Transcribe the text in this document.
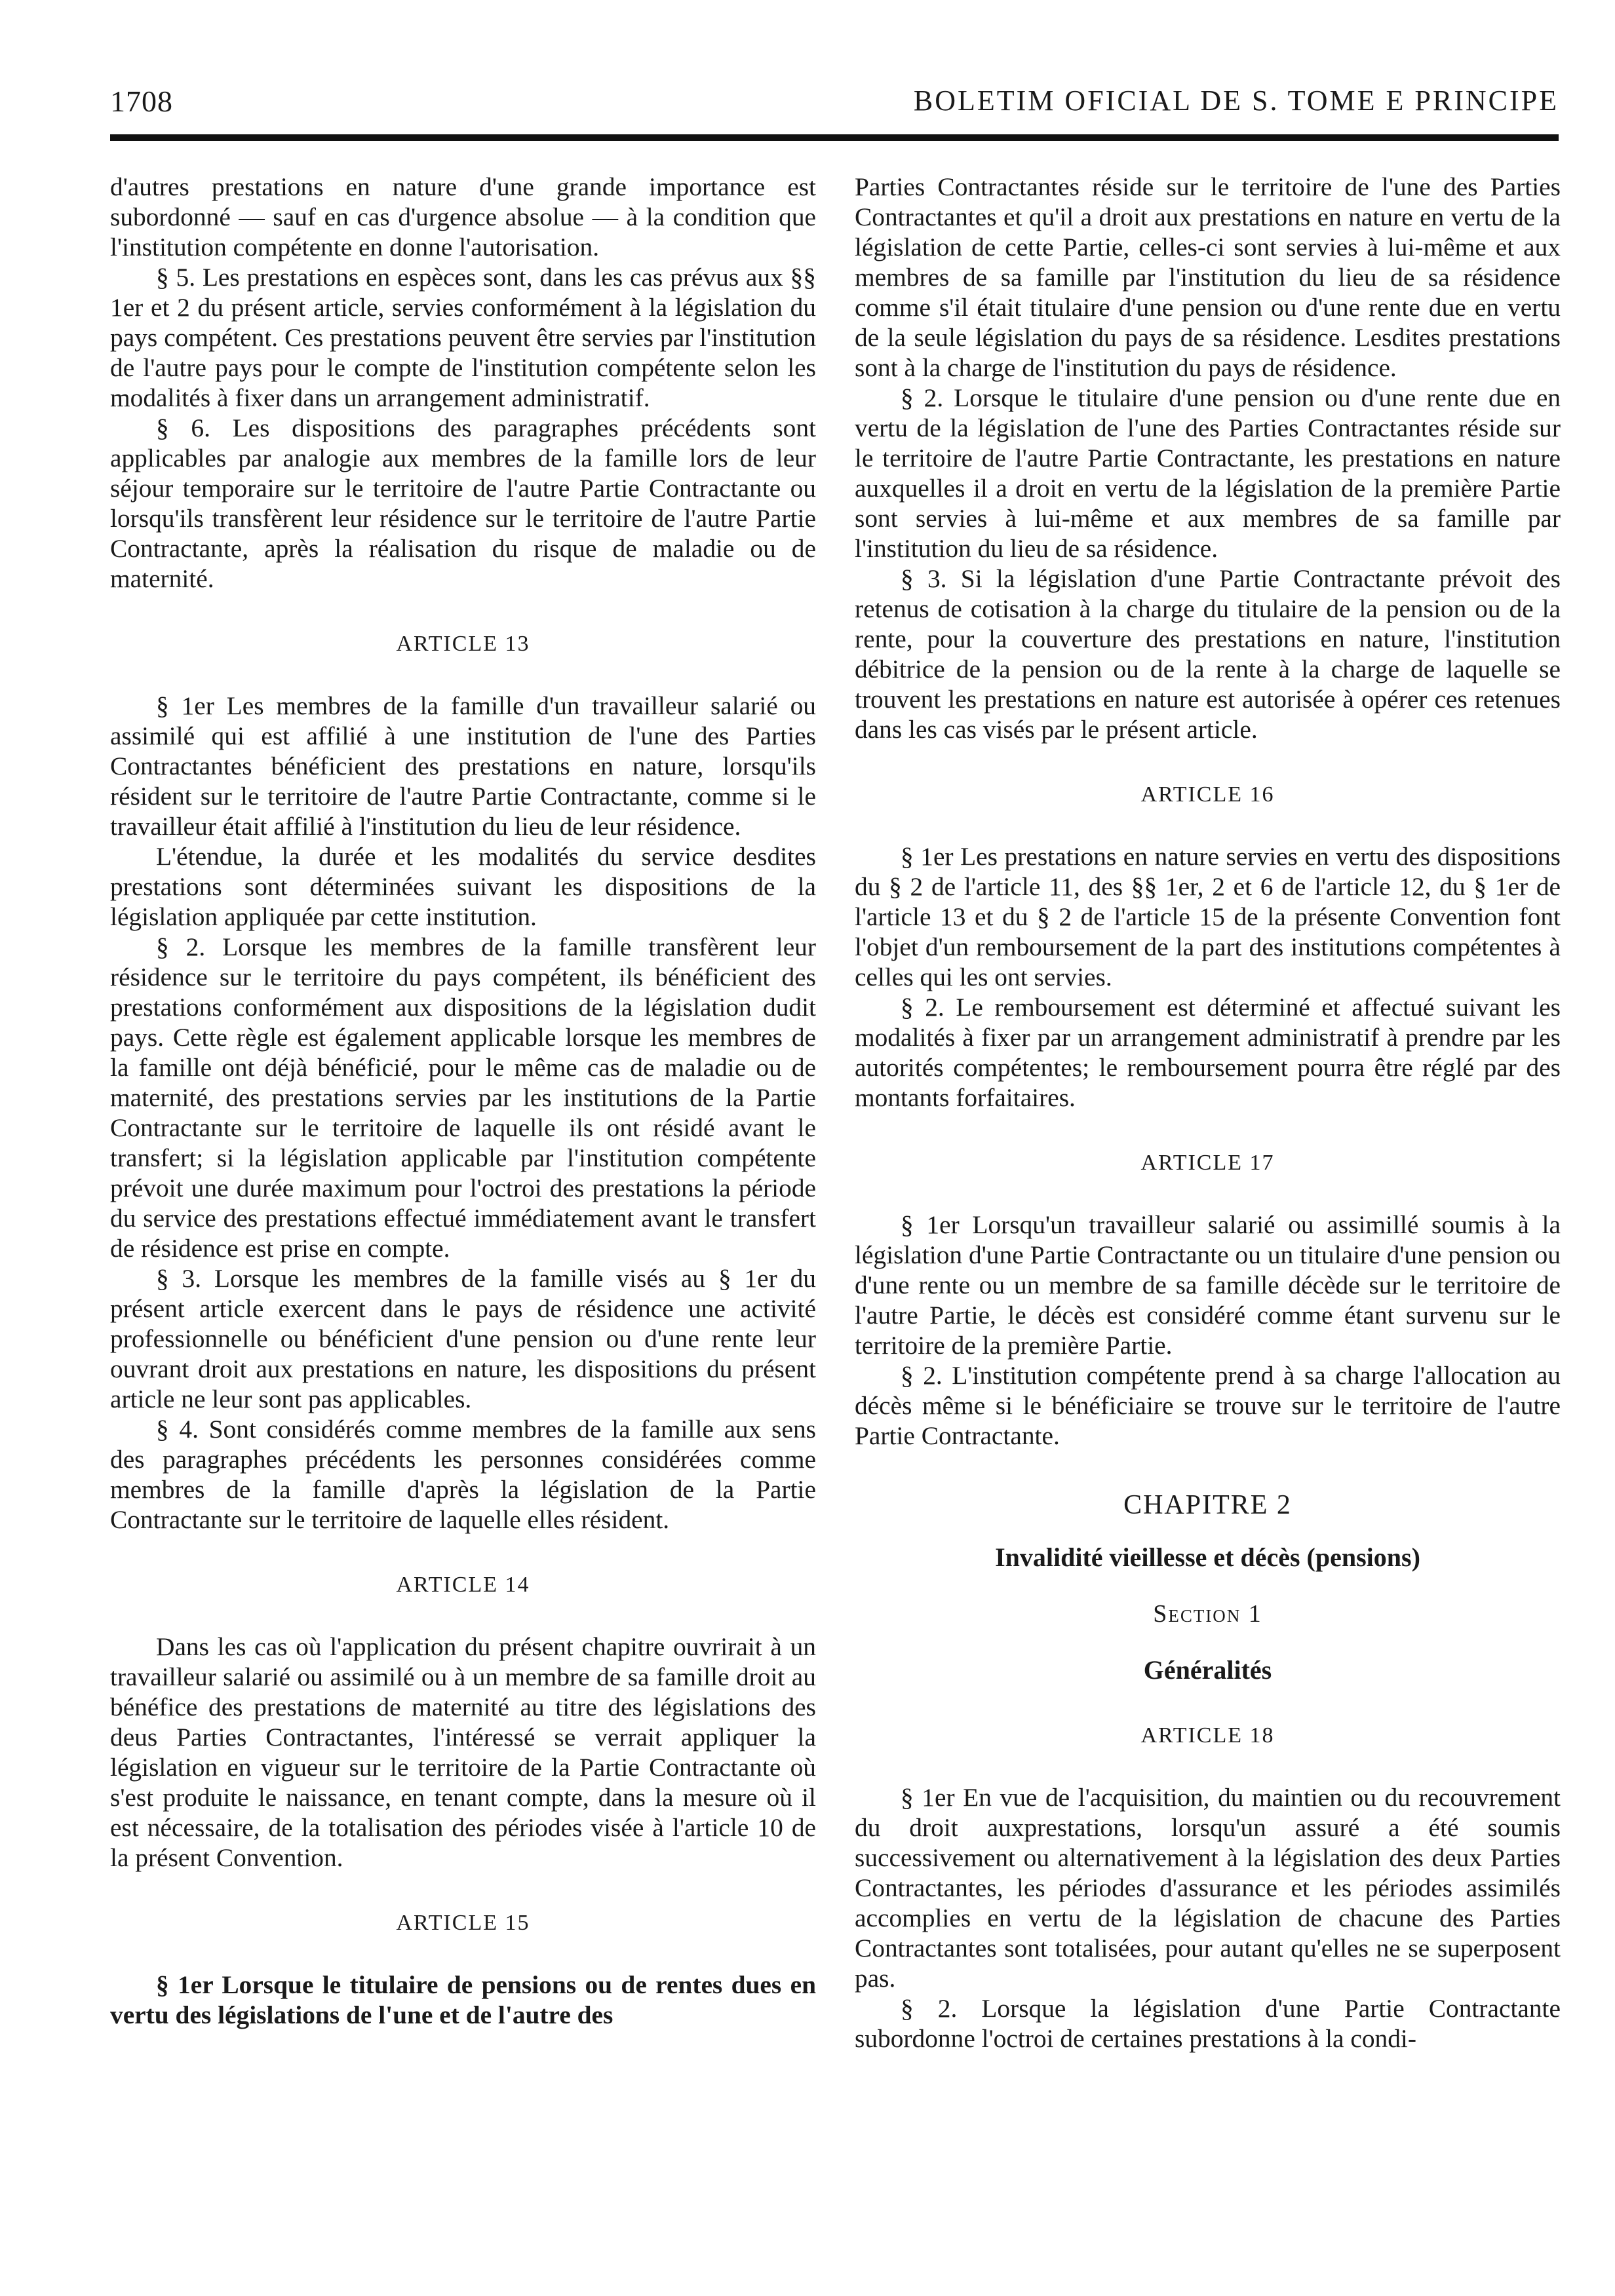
1708	BOLETIM OFICIAL DE S. TOME E PRINCIPE

d'autres prestations en nature d'une grande importance est subordonné — sauf en cas d'urgence absolue — à la condition que l'institution compétente en donne l'autorisation.

§ 5. Les prestations en espèces sont, dans les cas prévus aux §§ 1er et 2 du présent article, servies conformément à la législation du pays compétent. Ces prestations peuvent être servies par l'institution de l'autre pays pour le compte de l'institution compétente selon les modalités à fixer dans un arrangement administratif.

§ 6. Les dispositions des paragraphes précédents sont applicables par analogie aux membres de la famille lors de leur séjour temporaire sur le territoire de l'autre Partie Contractante ou lorsqu'ils transfèrent leur résidence sur le territoire de l'autre Partie Contractante, après la réalisation du risque de maladie ou de maternité.

ARTICLE 13

§ 1er Les membres de la famille d'un travailleur salarié ou assimilé qui est affilié à une institution de l'une des Parties Contractantes bénéficient des prestations en nature, lorsqu'ils résident sur le territoire de l'autre Partie Contractante, comme si le travailleur était affilié à l'institution du lieu de leur résidence.

L'étendue, la durée et les modalités du service desdites prestations sont déterminées suivant les dispositions de la législation appliquée par cette institution.

§ 2. Lorsque les membres de la famille transfèrent leur résidence sur le territoire du pays compétent, ils bénéficient des prestations conformément aux dispositions de la législation dudit pays. Cette règle est également applicable lorsque les membres de la famille ont déjà bénéficié, pour le même cas de maladie ou de maternité, des prestations servies par les institutions de la Partie Contractante sur le territoire de laquelle ils ont résidé avant le transfert; si la législation applicable par l'institution compétente prévoit une durée maximum pour l'octroi des prestations la période du service des prestations effectué immédiatement avant le transfert de résidence est prise en compte.

§ 3. Lorsque les membres de la famille visés au § 1er du présent article exercent dans le pays de résidence une activité professionnelle ou bénéficient d'une pension ou d'une rente leur ouvrant droit aux prestations en nature, les dispositions du présent article ne leur sont pas applicables.

§ 4. Sont considérés comme membres de la famille aux sens des paragraphes précédents les personnes considérées comme membres de la famille d'après la législation de la Partie Contractante sur le territoire de laquelle elles résident.

ARTICLE 14

Dans les cas où l'application du présent chapitre ouvrirait à un travailleur salarié ou assimilé ou à un membre de sa famille droit au bénéfice des prestations de maternité au titre des législations des deus Parties Contractantes, l'intéressé se verrait appliquer la législation en vigueur sur le territoire de la Partie Contractante où s'est produite le naissance, en tenant compte, dans la mesure où il est nécessaire, de la totalisation des périodes visée à l'article 10 de la présent Convention.

ARTICLE 15

§ 1er Lorsque le titulaire de pensions ou de rentes dues en vertu des législations de l'une et de l'autre des

Parties Contractantes réside sur le territoire de l'une des Parties Contractantes et qu'il a droit aux prestations en nature en vertu de la législation de cette Partie, celles-ci sont servies à lui-même et aux membres de sa famille par l'institution du lieu de sa résidence comme s'il était titulaire d'une pension ou d'une rente due en vertu de la seule législation du pays de sa résidence. Lesdites prestations sont à la charge de l'institution du pays de résidence.

§ 2. Lorsque le titulaire d'une pension ou d'une rente due en vertu de la législation de l'une des Parties Contractantes réside sur le territoire de l'autre Partie Contractante, les prestations en nature auxquelles il a droit en vertu de la législation de la première Partie sont servies à lui-même et aux membres de sa famille par l'institution du lieu de sa résidence.

§ 3. Si la législation d'une Partie Contractante prévoit des retenus de cotisation à la charge du titulaire de la pension ou de la rente, pour la couverture des prestations en nature, l'institution débitrice de la pension ou de la rente à la charge de laquelle se trouvent les prestations en nature est autorisée à opérer ces retenues dans les cas visés par le présent article.

ARTICLE 16

§ 1er Les prestations en nature servies en vertu des dispositions du § 2 de l'article 11, des §§ 1er, 2 et 6 de l'article 12, du § 1er de l'article 13 et du § 2 de l'article 15 de la présente Convention font l'objet d'un remboursement de la part des institutions compétentes à celles qui les ont servies.

§ 2. Le remboursement est déterminé et affectué suivant les modalités à fixer par un arrangement administratif à prendre par les autorités compétentes; le remboursement pourra être réglé par des montants forfaitaires.

ARTICLE 17

§ 1er Lorsqu'un travailleur salarié ou assimillé soumis à la législation d'une Partie Contractante ou un titulaire d'une pension ou d'une rente ou un membre de sa famille décède sur le territoire de l'autre Partie, le décès est considéré comme étant survenu sur le territoire de la première Partie.

§ 2. L'institution compétente prend à sa charge l'allocation au décès même si le bénéficiaire se trouve sur le territoire de l'autre Partie Contractante.

CHAPITRE 2

Invalidité vieillesse et décès (pensions)

Section 1

Généralités

ARTICLE 18

§ 1er En vue de l'acquisition, du maintien ou du recouvrement du droit auxprestations, lorsqu'un assuré a été soumis successivement ou alternativement à la législation des deux Parties Contractantes, les périodes d'assurance et les périodes assimilés accomplies en vertu de la législation de chacune des Parties Contractantes sont totalisées, pour autant qu'elles ne se superposent pas.

§ 2. Lorsque la législation d'une Partie Contractante subordonne l'octroi de certaines prestations à la condi-
